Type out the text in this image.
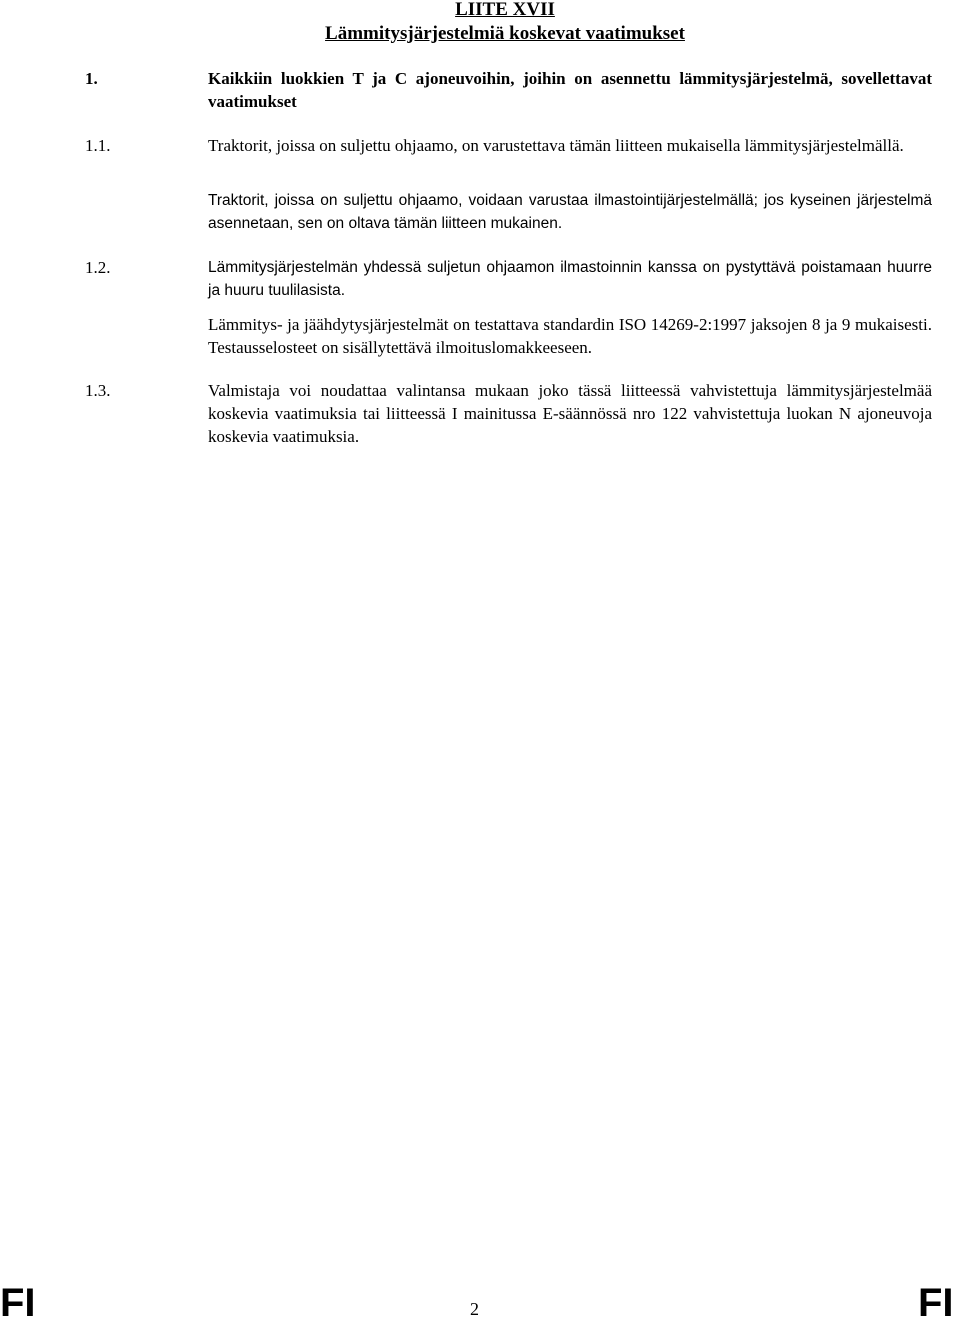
LIITE XVII
Lämmitysjärjestelmiä koskevat vaatimukset
1.	Kaikkiin luokkien T ja C ajoneuvoihin, joihin on asennettu lämmitysjärjestelmä, sovellettavat vaatimukset
1.1.	Traktorit, joissa on suljettu ohjaamo, on varustettava tämän liitteen mukaisella lämmitysjärjestelmällä.
Traktorit, joissa on suljettu ohjaamo, voidaan varustaa ilmastointijärjestelmällä; jos kyseinen järjestelmä asennetaan, sen on oltava tämän liitteen mukainen.
1.2.	Lämmitysjärjestelmän yhdessä suljetun ohjaamon ilmastoinnin kanssa on pystyttävä poistamaan huurre ja huuru tuulilasista.
Lämmitys- ja jäähdytysjärjestelmät on testattava standardin ISO 14269-2:1997 jaksojen 8 ja 9 mukaisesti. Testausselosteet on sisällytettävä ilmoituslomakkeeseen.
1.3.	Valmistaja voi noudattaa valintansa mukaan joko tässä liitteessä vahvistettuja lämmitysjärjestelmää koskevia vaatimuksia tai liitteessä I mainitussa E-säännössä nro 122 vahvistettuja luokan N ajoneuvoja koskevia vaatimuksia.
FI	2	FI
